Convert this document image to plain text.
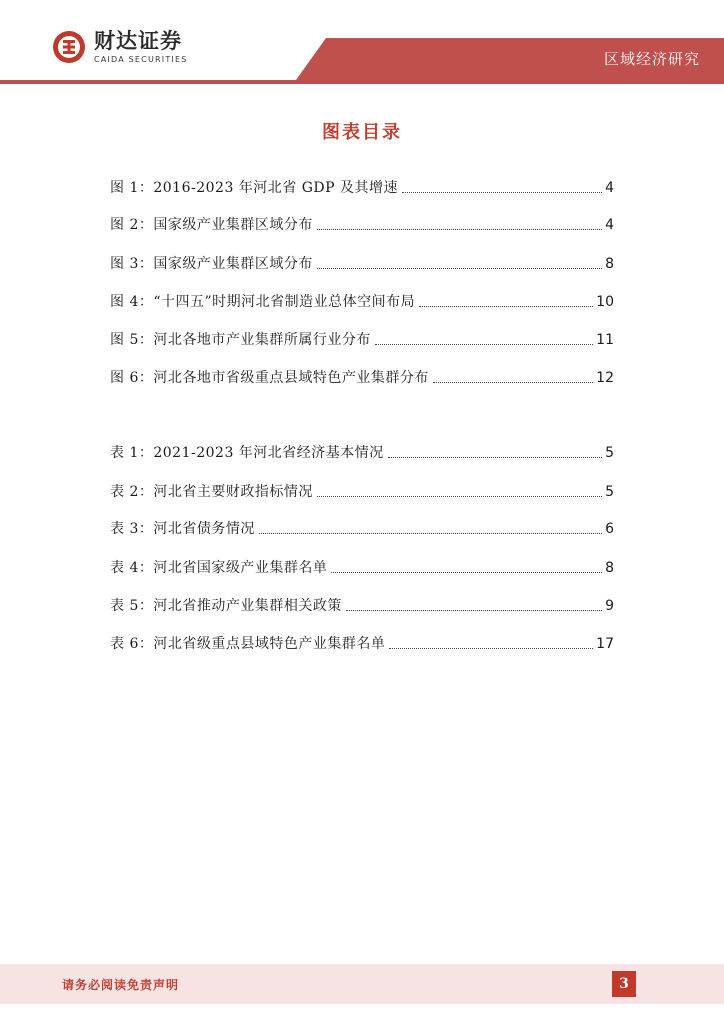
财达证券
CAIDA SECURITIES	区域经济研究
图表目录
图 1：2016-2023 年河北省 GDP 及其增速	4
图 2：国家级产业集群区域分布	4
图 3：国家级产业集群区域分布	8
图 4：“十四五”时期河北省制造业总体空间布局	10
图 5：河北各地市产业集群所属行业分布	11
图 6：河北各地市省级重点县域特色产业集群分布	12
表 1：2021-2023 年河北省经济基本情况	5
表 2：河北省主要财政指标情况	5
表 3：河北省债务情况	6
表 4：河北省国家级产业集群名单	8
表 5：河北省推动产业集群相关政策	9
表 6：河北省级重点县域特色产业集群名单	17
请务必阅读免责声明	3
